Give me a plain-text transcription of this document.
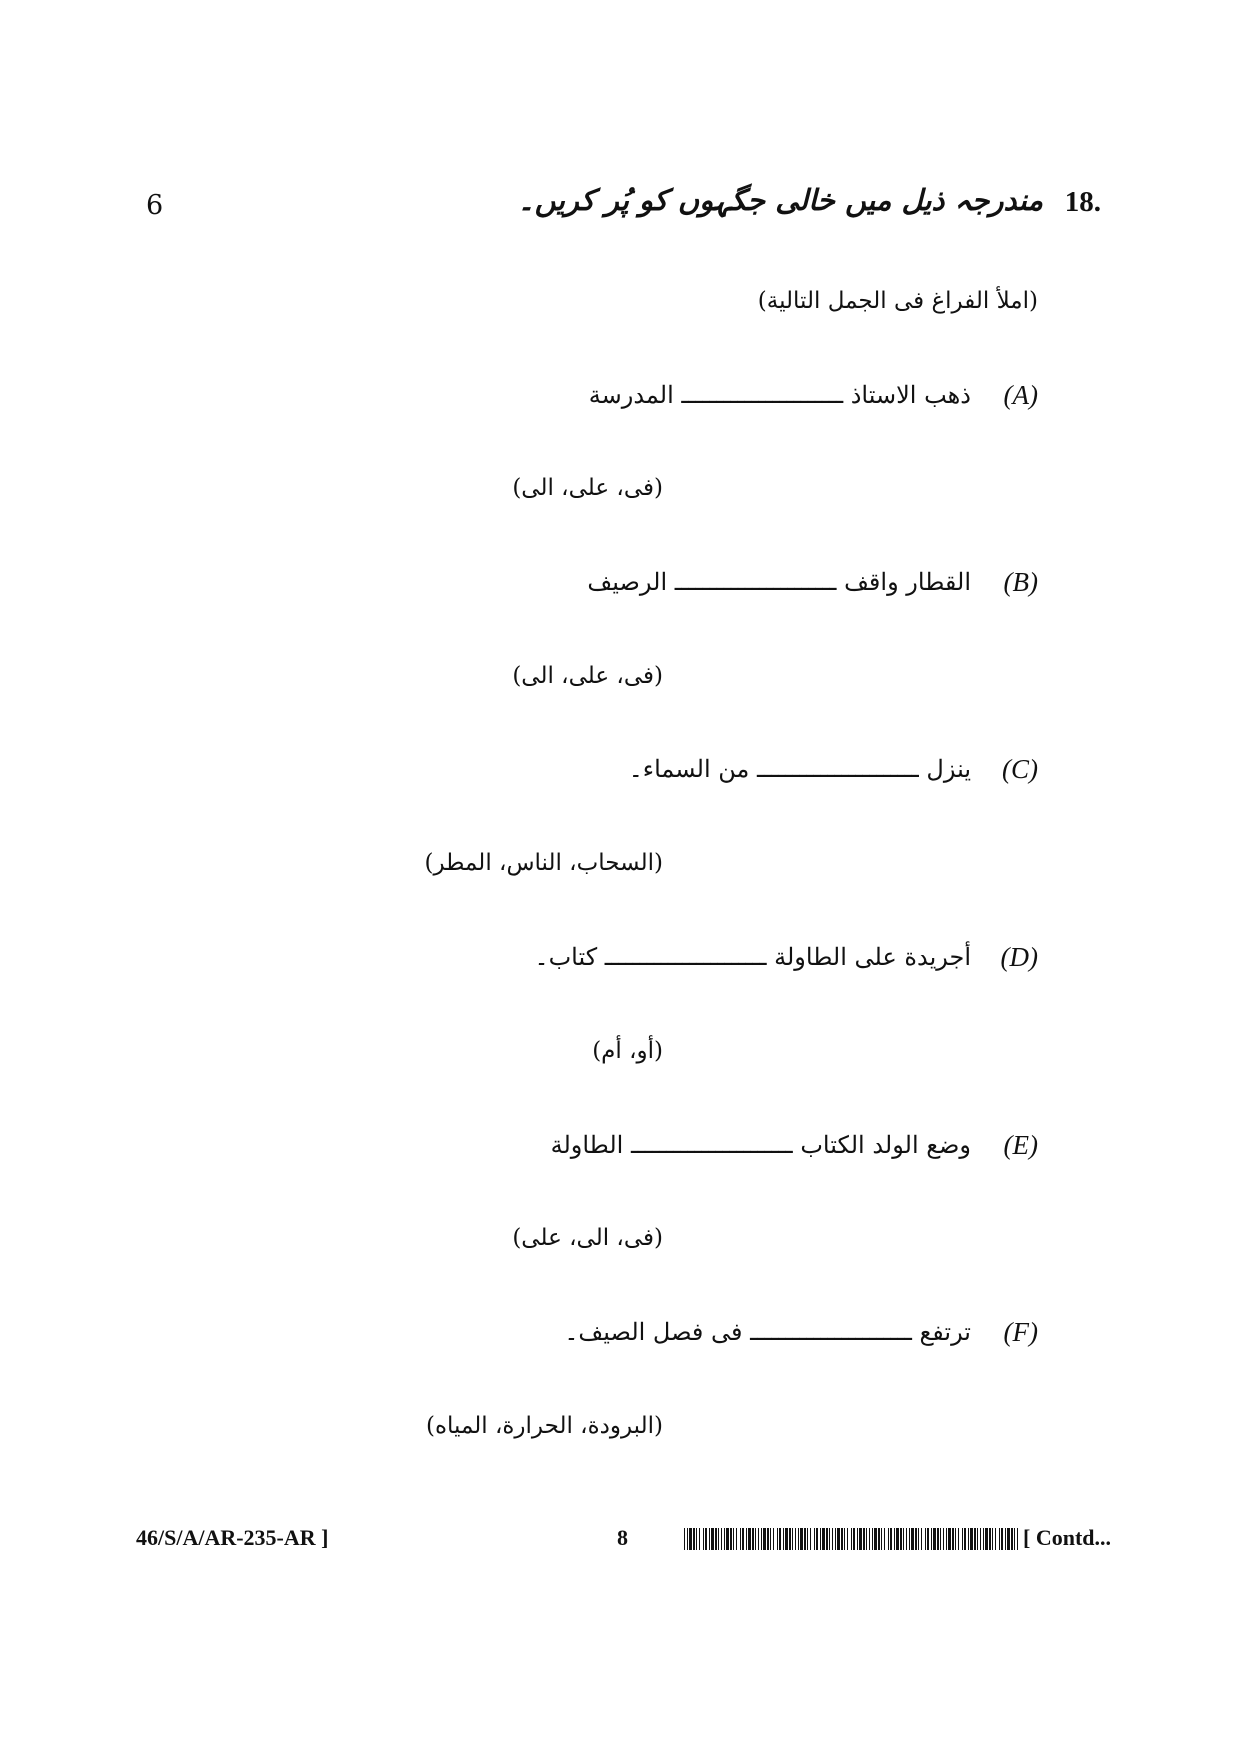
6	18.
مندرجہ ذیل میں خالی جگہوں کو پُر کریں۔
(املأ الفراغ فی الجمل التالیة)
(A)
ذهب الاستاذ ـــــــــــــــــــــــ المدرسة
(فی، علی، الی)
(B)
القطار واقف ـــــــــــــــــــــــ الرصيف
(فی، علی، الی)
(C)
ينزل ـــــــــــــــــــــــ من السماء۔
(السحاب، الناس، المطر)
(D)
أجريدة على الطاولة ـــــــــــــــــــــــ كتاب۔
(أو، أم)
(E)
وضع الولد الكتاب ـــــــــــــــــــــــ الطاولة
(فی، الی، علی)
(F)
ترتفع ـــــــــــــــــــــــ فی فصل الصيف۔
(البرودة، الحرارة، المياه)
46/S/A/AR-235-AR ]	8	[ Contd...
